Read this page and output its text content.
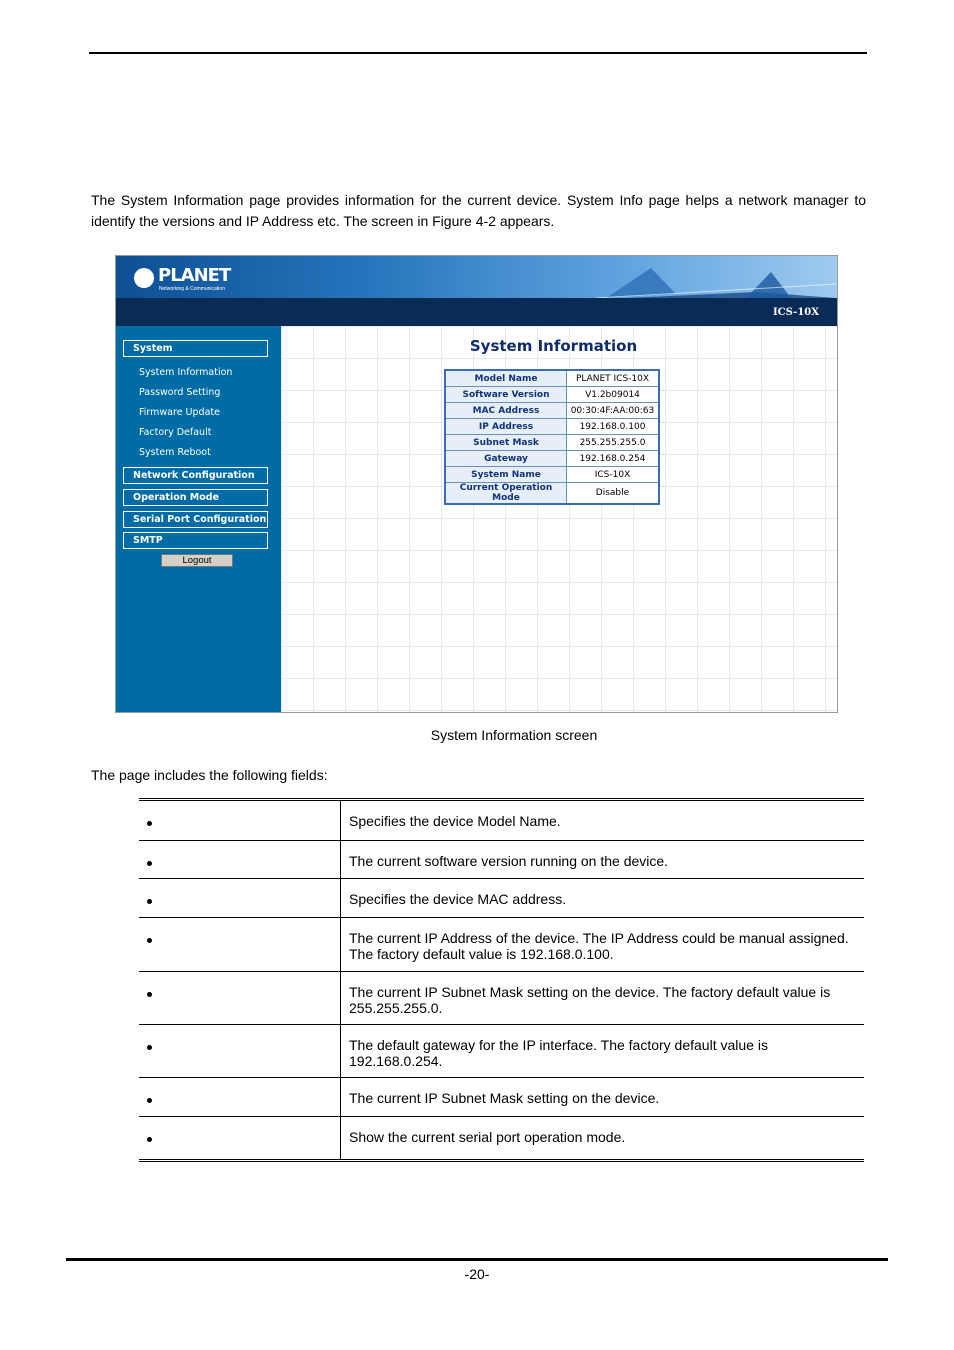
The System Information page provides information for the current device. System Info page helps a network manager to identify the versions and IP Address etc. The screen in Figure 4-2 appears.

PLANET
Networking & Communication
ICS-10X
System
System Information
Password Setting
Firmware Update
Factory Default
System Reboot
Network Configuration
Operation Mode
Serial Port Configuration
SMTP
Logout
System Information
Model Name	PLANET ICS-10X
Software Version	V1.2b09014
MAC Address	00:30:4F:AA:00:63
IP Address	192.168.0.100
Subnet Mask	255.255.255.0
Gateway	192.168.0.254
System Name	ICS-10X
Current Operation Mode	Disable
System Information screen
The page includes the following fields:
	Specifies the device Model Name.
	The current software version running on the device.
	Specifies the device MAC address.
	The current IP Address of the device. The IP Address could be manual assigned. The factory default value is 192.168.0.100.
	The current IP Subnet Mask setting on the device. The factory default value is 255.255.255.0.
	The default gateway for the IP interface. The factory default value is 192.168.0.254.
	The current IP Subnet Mask setting on the device.
	Show the current serial port operation mode.
-20-
